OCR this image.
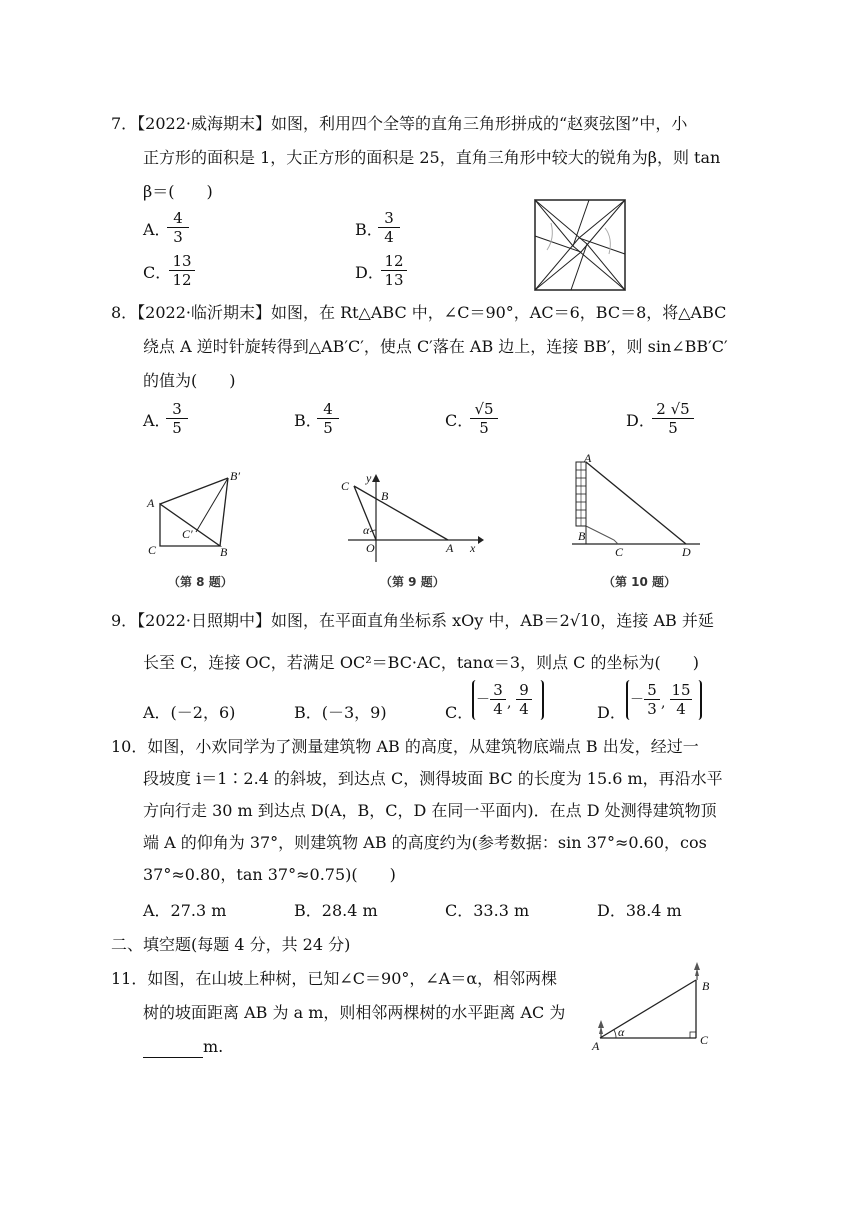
7．【2022·威海期末】如图，利用四个全等的直角三角形拼成的“赵爽弦图”中，小
正方形的面积是 1，大正方形的面积是 25，直角三角形中较大的锐角为β，则 tan
β＝(　　)
A．
$\frac{4}{3}$	B．
$\frac{3}{4}$
C．
$\frac{13}{12}$	D．
$\frac{12}{13}$
8．【2022·临沂期末】如图，在 Rt△ABC 中，∠C＝90°，AC＝6，BC＝8，将△ABC
绕点 A 逆时针旋转得到△AB′C′，使点 C′落在 AB 边上，连接 BB′，则 sin∠BB′C′
的值为(　　)
A．
$\frac{3}{5}$	B．
$\frac{4}{5}$	C．
$\frac{√5}{5}$	D．
$\frac{2 √5}{5}$
A
B′
C′
C	B
（第 8 题）
C
y
B
α
O	A x
（第 9 题）
A
B
C	D
（第 10 题）
9．【2022·日照期中】如图，在平面直角坐标系 xOy 中，AB＝2√10，连接 AB 并延
长至 C，连接 OC，若满足 OC²＝BC·AC，tanα＝3，则点 C 的坐标为(　　)
A．(－2，6)	B．(－3，9)	C．
－ $\frac{3}{4}$ , $\frac{9}{4}$	D．
－ $\frac{5}{3}$ , $\frac{15}{4}$
10．如图，小欢同学为了测量建筑物 AB 的高度，从建筑物底端点 B 出发，经过一
段坡度 i＝1∶2.4 的斜坡，到达点 C，测得坡面 BC 的长度为 15.6 m，再沿水平
方向行走 30 m 到达点 D(A，B，C，D 在同一平面内)．在点 D 处测得建筑物顶
端 A 的仰角为 37°，则建筑物 AB 的高度约为(参考数据：sin 37°≈0.60，cos
37°≈0.80，tan 37°≈0.75)(　　)
A．27.3 m	B．28.4 m	C．33.3 m	D．38.4 m
二、填空题(每题 4 分，共 24 分)
11．如图，在山坡上种树，已知∠C＝90°，∠A＝α，相邻两棵
树的坡面距离 AB 为 a m，则相邻两棵树的水平距离 AC 为
m.
B
α
A	C
